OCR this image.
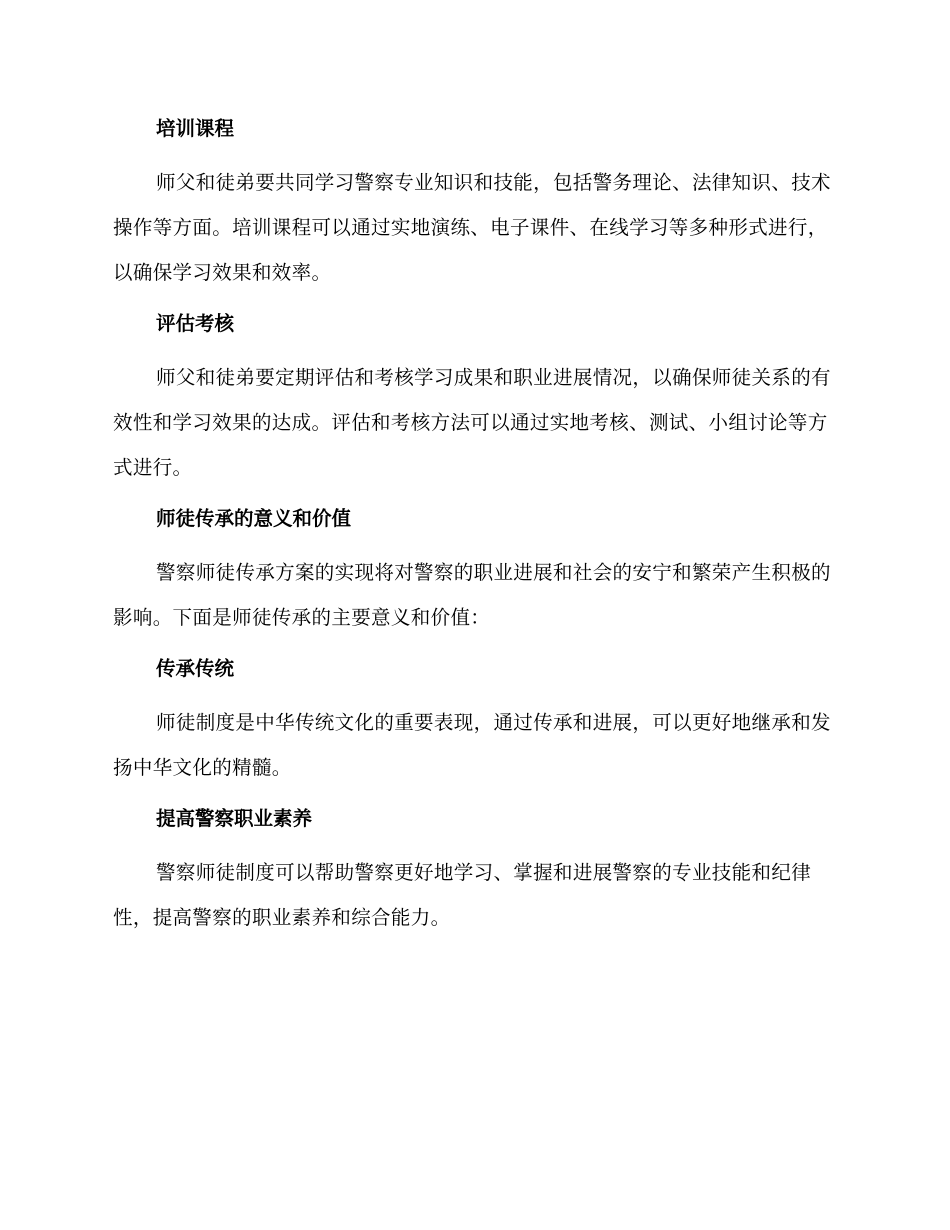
培训课程

师父和徒弟要共同学习警察专业知识和技能，包括警务理论、法律知识、技术操作等方面。培训课程可以通过实地演练、电子课件、在线学习等多种形式进行，以确保学习效果和效率。

评估考核

师父和徒弟要定期评估和考核学习成果和职业进展情况，以确保师徒关系的有效性和学习效果的达成。评估和考核方法可以通过实地考核、测试、小组讨论等方式进行。

师徒传承的意义和价值

警察师徒传承方案的实现将对警察的职业进展和社会的安宁和繁荣产生积极的影响。下面是师徒传承的主要意义和价值：

传承传统

师徒制度是中华传统文化的重要表现，通过传承和进展，可以更好地继承和发扬中华文化的精髓。

提高警察职业素养

警察师徒制度可以帮助警察更好地学习、掌握和进展警察的专业技能和纪律性，提高警察的职业素养和综合能力。
